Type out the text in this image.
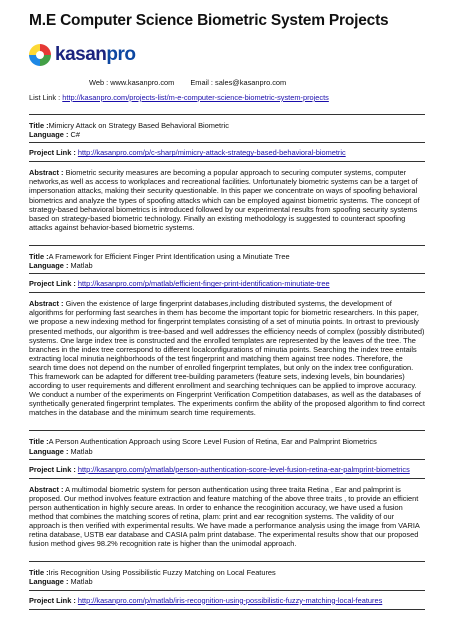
M.E Computer Science Biometric System Projects
kasanpro
Web : www.kasanpro.com Email : sales@kasanpro.com
List Link : http://kasanpro.com/projects-list/m-e-computer-science-biometric-system-projects
Title :Mimicry Attack on Strategy Based Behavioral Biometric
Language : C#
Project Link : http://kasanpro.com/p/c-sharp/mimicry-attack-strategy-based-behavioral-biometric
Abstract : Biometric security measures are becoming a popular approach to securing computer systems, computer networks,as well as access to workplaces and recreational facilities. Unfortunately biometric systems can be a target of impersonation attacks, making their security questionable. In this paper we concentrate on ways of spoofing behavioral biometrics and analyze the types of spoofing attacks which can be employed against biometric systems. The concept of strategy-based behavioral biometrics is introduced followed by our experimental results from spoofing security systems based on strategy-based biometric technology. Finally an existing methodology is suggested to counteract spoofing attacks against behavior-based biometric systems.
Title :A Framework for Efficient Finger Print Identification using a Minutiate Tree
Language : Matlab
Project Link : http://kasanpro.com/p/matlab/efficient-finger-print-identification-minutiate-tree
Abstract : Given the existence of large fingerprint databases,including distributed systems, the development of algorithms for performing fast searches in them has become the important topic for biometric researchers. In this paper, we propose a new indexing method for fingerprint templates consisting of a set of minutia points. In ortrast to previously presented methods, our algorithm is tree-based and well addresses the efficiency needs of complex (possibly distributed) systems. One large index tree is constructed and the enrolled templates are represented by the leaves of the tree. The branches in the index tree correspond to different localconfigurations of minutia points. Searching the index tree entails extracting local minutia neighborhoods of the test fingerprint and matching them against tree nodes. Therefore, the search time does not depend on the number of enrolled fingerprint templates, but only on the index tree configuration. This framework can be adapted for different tree-building parameters (feature sets, indexing levels, bin boundaries) according to user requirements and different enrollment and searching techniques can be applied to improve accuracy. We conduct a number of the experiments on Fingerprint Verification Competition databases, as well as the databases of synthetically generated fingerprint templates. The experiments confirm the ability of the proposed algorithm to find correct matches in the database and the minimum search time requirements.
Title :A Person Authentication Approach using Score Level Fusion of Retina, Ear and Palmprint Biometrics
Language : Matlab
Project Link : http://kasanpro.com/p/matlab/person-authentication-score-level-fusion-retina-ear-palmprint-biometrics
Abstract : A multimodal biometric system for person authentication using three traita Retina , Ear and palmprint is proposed. Our method involves feature extraction and feature matching of the above three traits , to provide an efficient person authentication in highly secure areas. In order to enhance the recoginition accuracy, we have used a fusion method that combines the matching scores of retina, plam: print and ear recognition systems. The validity of our approach is then verified with experimental results. We have made a performance analysis using the image from VARIA retina database, USTB ear database and CASIA palm print database. The experimental results show that our proposed fusion method gives 98.2% recognition rate is higher than the unimodal approach.
Title :Iris Recognition Using Possibilistic Fuzzy Matching on Local Features
Language : Matlab
Project Link : http://kasanpro.com/p/matlab/iris-recognition-using-possibilistic-fuzzy-matching-local-features
